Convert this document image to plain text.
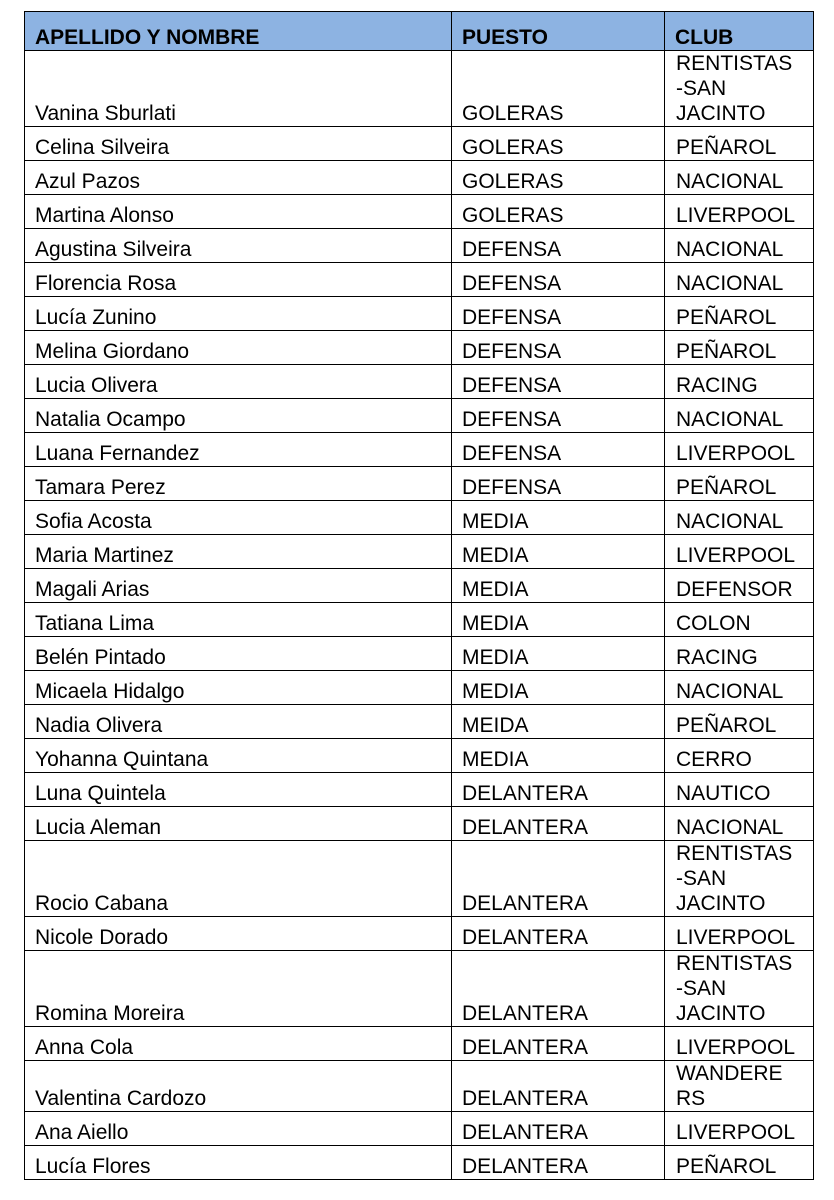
APELLIDO Y NOMBRE	PUESTO	CLUB
Vanina Sburlati	GOLERAS	RENTISTAS
-SAN
JACINTO
Celina Silveira	GOLERAS	PEÑAROL
Azul Pazos	GOLERAS	NACIONAL
Martina Alonso	GOLERAS	LIVERPOOL
Agustina Silveira	DEFENSA	NACIONAL
Florencia Rosa	DEFENSA	NACIONAL
Lucía Zunino	DEFENSA	PEÑAROL
Melina Giordano	DEFENSA	PEÑAROL
Lucia Olivera	DEFENSA	RACING
Natalia Ocampo	DEFENSA	NACIONAL
Luana Fernandez	DEFENSA	LIVERPOOL
Tamara Perez	DEFENSA	PEÑAROL
Sofia Acosta	MEDIA	NACIONAL
Maria Martinez	MEDIA	LIVERPOOL
Magali Arias	MEDIA	DEFENSOR
Tatiana Lima	MEDIA	COLON
Belén Pintado	MEDIA	RACING
Micaela Hidalgo	MEDIA	NACIONAL
Nadia Olivera	MEIDA	PEÑAROL
Yohanna Quintana	MEDIA	CERRO
Luna Quintela	DELANTERA	NAUTICO
Lucia Aleman	DELANTERA	NACIONAL
Rocio Cabana	DELANTERA	RENTISTAS
-SAN
JACINTO
Nicole Dorado	DELANTERA	LIVERPOOL
Romina Moreira	DELANTERA	RENTISTAS
-SAN
JACINTO
Anna Cola	DELANTERA	LIVERPOOL
Valentina Cardozo	DELANTERA	WANDERE
RS
Ana Aiello	DELANTERA	LIVERPOOL
Lucía Flores	DELANTERA	PEÑAROL
